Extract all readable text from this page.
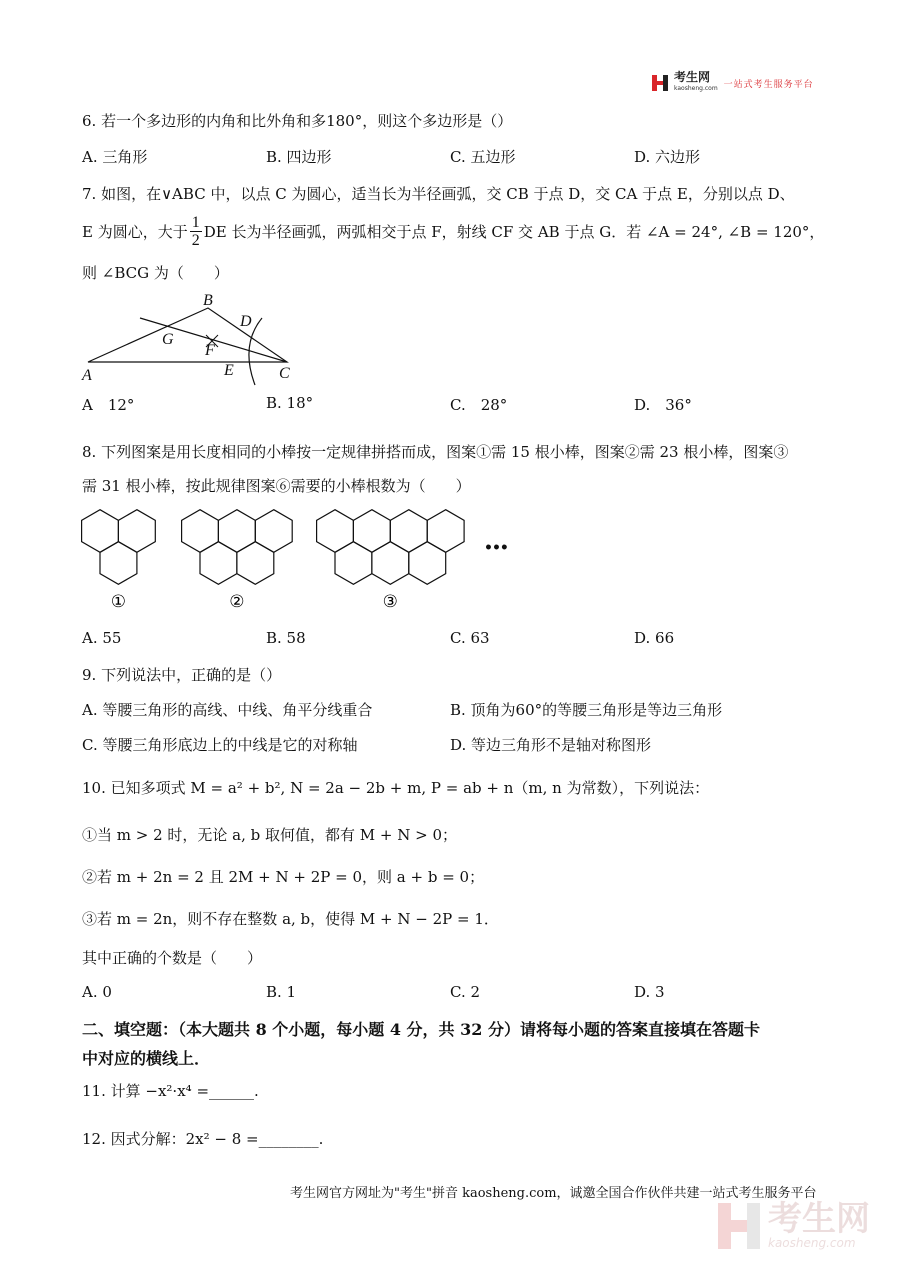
考生网
kaosheng.com 一站式考生服务平台
6. 若一个多边形的内角和比外角和多180°，则这个多边形是（）
A. 三角形	B. 四边形	C. 五边形	D. 六边形
7. 如图，在∨ABC 中，以点 C 为圆心，适当长为半径画弧，交 CB 于点 D，交 CA 于点 E，分别以点 D、
E 为圆心，大于 $\frac{1}{2}$ DE 长为半径画弧，两弧相交于点 F，射线 CF 交 AB 于点 G．若 ∠A = 24°, ∠B = 120°，
则 ∠BCG 为（　　）
B
D
G
F
A	E	C
A　12°	B. 18°	C.　28°	D.　36°
8. 下列图案是用长度相同的小棒按一定规律拼搭而成，图案①需 15 根小棒，图案②需 23 根小棒，图案③
需 31 根小棒，按此规律图案⑥需要的小棒根数为（　　）
①	②	③
•••
A. 55	B. 58	C. 63	D. 66
9. 下列说法中，正确的是（）
A. 等腰三角形的高线、中线、角平分线重合	B. 顶角为60°的等腰三角形是等边三角形
C. 等腰三角形底边上的中线是它的对称轴	D. 等边三角形不是轴对称图形
10. 已知多项式 M = a² + b², N = 2a − 2b + m, P = ab + n（m, n 为常数），下列说法：
①当 m > 2 时，无论 a, b 取何值，都有 M + N > 0；
②若 m + 2n = 2 且 2M + N + 2P = 0，则 a + b = 0；
③若 m = 2n，则不存在整数 a, b，使得 M + N − 2P = 1．
其中正确的个数是（　　）
A. 0	B. 1	C. 2	D. 3
二、填空题：（本大题共 8 个小题，每小题 4 分，共 32 分）请将每小题的答案直接填在答题卡
中对应的横线上．
11. 计算 −x²·x⁴ =______.
12. 因式分解：2x² − 8 =________.
考生网官方网址为"考生"拼音 kaosheng.com，诚邀全国合作伙伴共建一站式考生服务平台
考生网
kaosheng.com
